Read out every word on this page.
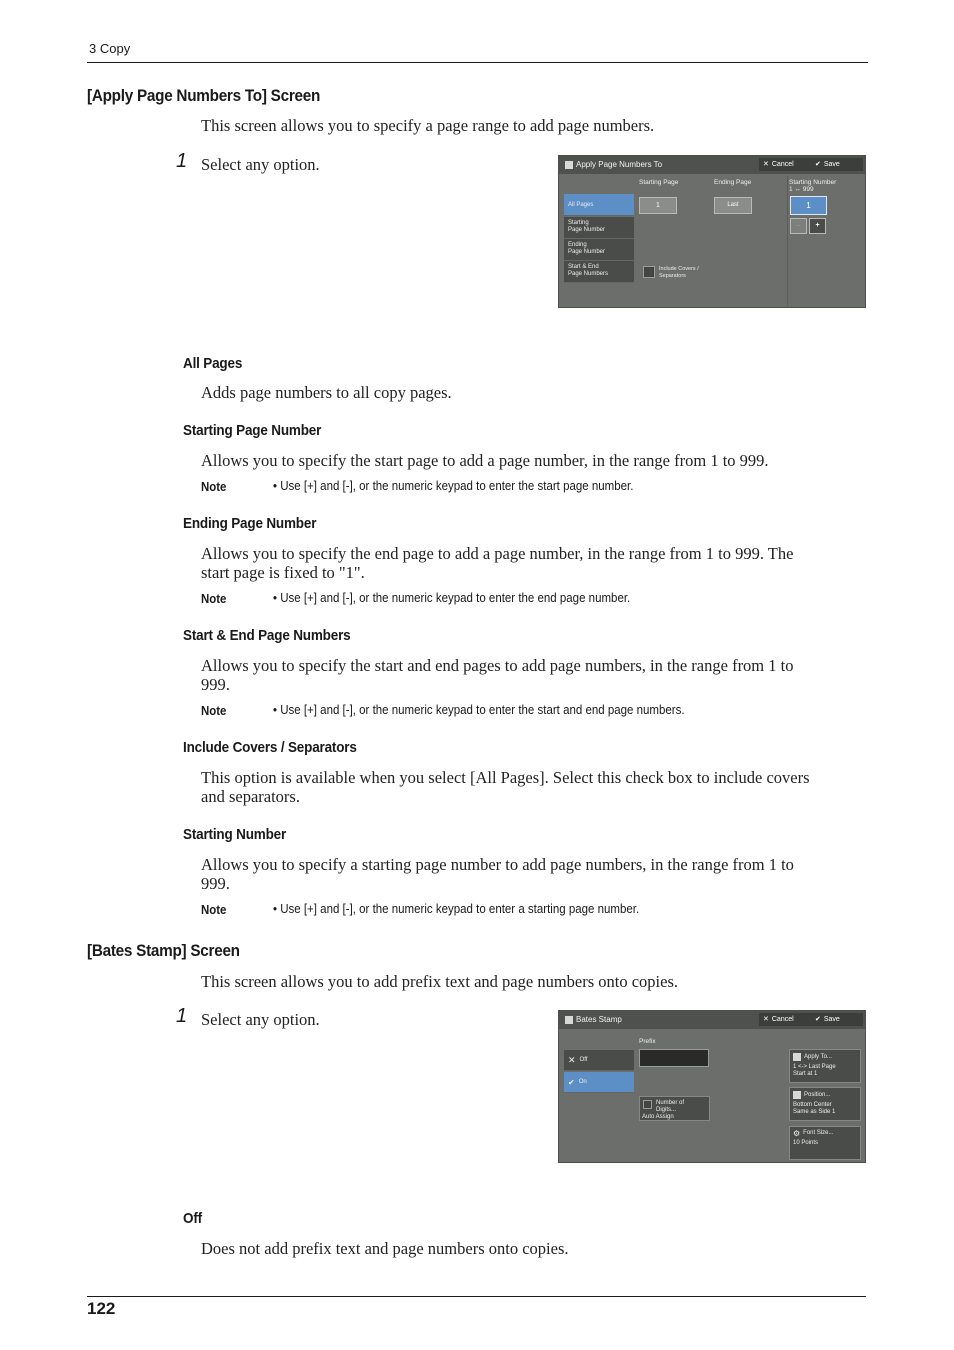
3 Copy
[Apply Page Numbers To] Screen
This screen allows you to specify a page range to add page numbers.
1 Select any option.	Apply Page Numbers To	✕ Cancel	✔ Save
Starting Page	Ending Page	Starting Number
1 ↔ 999
All Pages
Starting
Page Number
Ending
Page Number
Start & End
Page Numbers
1	Last	1
–	+
Include Covers /
Separators
All Pages
Adds page numbers to all copy pages.
Starting Page Number
Allows you to specify the start page to add a page number, in the range from 1 to 999.
Note	• Use [+] and [-], or the numeric keypad to enter the start page number.
Ending Page Number
Allows you to specify the end page to add a page number, in the range from 1 to 999. The
start page is fixed to "1".
Note	• Use [+] and [-], or the numeric keypad to enter the end page number.
Start & End Page Numbers
Allows you to specify the start and end pages to add page numbers, in the range from 1 to
999.
Note	• Use [+] and [-], or the numeric keypad to enter the start and end page numbers.
Include Covers / Separators
This option is available when you select [All Pages]. Select this check box to include covers
and separators.
Starting Number
Allows you to specify a starting page number to add page numbers, in the range from 1 to
999.
Note	• Use [+] and [-], or the numeric keypad to enter a starting page number.
[Bates Stamp] Screen
This screen allows you to add prefix text and page numbers onto copies.
1 Select any option.	Bates Stamp	✕ Cancel	✔ Save
Prefix
✕ Off
✔ On
Number of
Digits...
Auto Assign
Apply To...
1 <-> Last Page
Start at 1
Position...
Bottom Center
Same as Side 1
⚙ Font Size...
10 Points
Off
Does not add prefix text and page numbers onto copies.
122
